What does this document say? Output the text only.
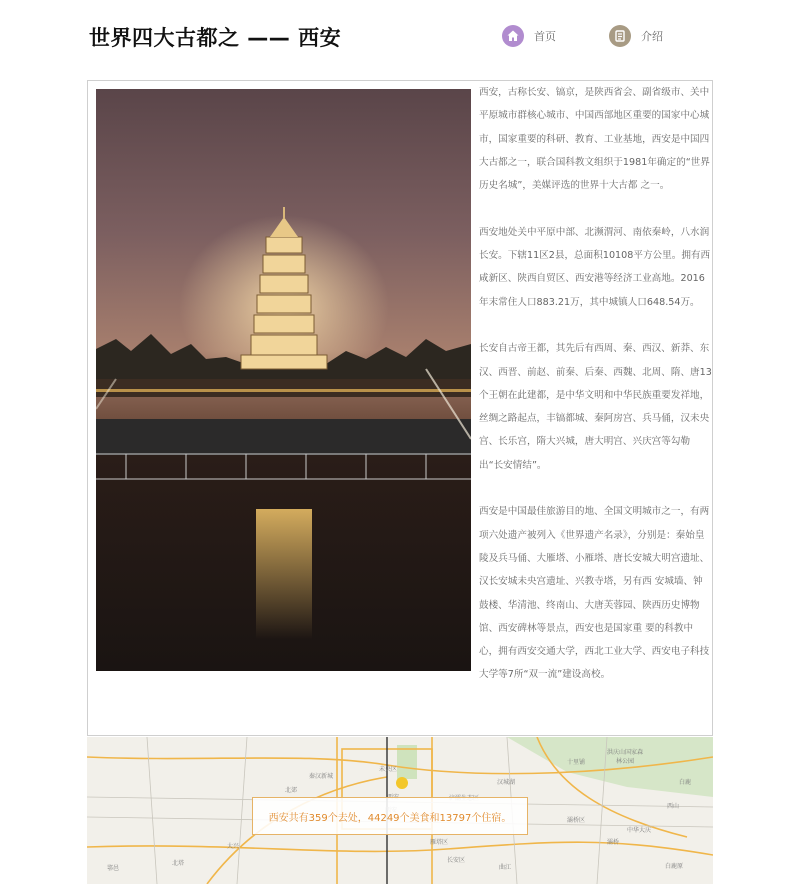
世界四大古都之 —— 西安	首页	介绍

西安，古称长安、镐京，是陕西省会、副省级市、关中平原城市群核心城市、中国西部地区重要的国家中心城市，国家重要的科研、教育、工业基地，西安是中国四大古都之一，联合国科教文组织于1981年确定的“世界历史名城”，美媒评选的世界十大古都 之一。

西安地处关中平原中部、北濒渭河、南依秦岭，八水润长安。下辖11区2县，总面积10108平方公里。拥有西咸新区、陕西自贸区、西安港等经济工业高地。2016年末常住人口883.21万，其中城镇人口648.54万。

长安自古帝王都，其先后有西周、秦、西汉、新莽、东汉、西晋、前赵、前秦、后秦、西魏、北周、隋、唐13个王朝在此建都，是中华文明和中华民族重要发祥地，丝绸之路起点，丰镐都城、秦阿房宫、兵马俑，汉未央宫、长乐宫，隋大兴城，唐大明宫、兴庆宫等勾勒出“长安情结”。

西安是中国最佳旅游目的地、全国文明城市之一，有两项六处遗产被列入《世界遗产名录》，分别是：秦始皇陵及兵马俑、大雁塔、小雁塔、唐长安城大明宫遗址、汉长安城未央宫遗址、兴教寺塔，另有西 安城墙、钟鼓楼、华清池、终南山、大唐芙蓉园、陕西历史博物馆、西安碑林等景点，西安也是国家重 要的科教中心，拥有西安交通大学，西北工业大学、西安电子科技大学等7所“双一流”建设高校。

秦汉新城
未央区
汉城湖
灞桥区
灞桥
雁塔区
大兴
北郊
曲江
长安区
北塔	白鹿原
鄠邑
中华大庆
西山
白鹿
洪庆山国家森林公园
十里铺
西安共有359个去处，44249个美食和13797个住宿。
